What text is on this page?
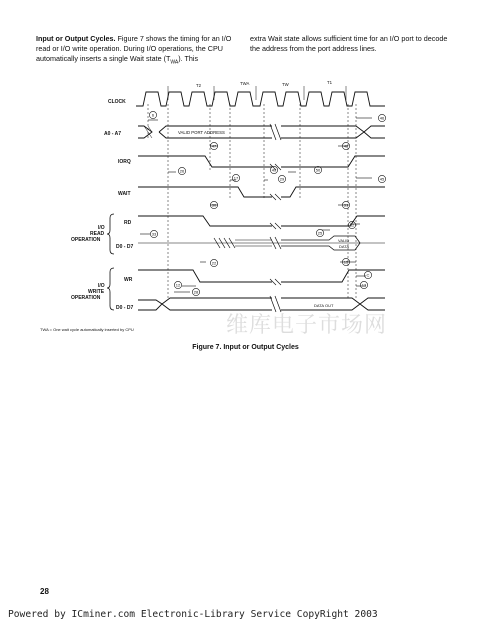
Input or Output Cycles. Figure 7 shows the timing for an I/O read or I/O write operation. During I/O operations, the CPU automatically inserts a single Wait state $(T_{WA})$. This
extra Wait state allows sufficient time for an I/O port to decode the address from the port address lines.
维库电子市场网
T2	TWA	TW	T1
CLOCK
A0 - A7
IORQ
WAIT
RD
D0 - D7
WR
D0 - D7
I/O
READ
OPERATION
I/O
WRITE
OPERATION
VALID PORT ADDRESS
VALID
DATA
DATA OUT
6
46
47	48
26
17
49
29
50
45
30	31
32
25
33
15
22
12
28
13
C
TWA = One wait cycle automatically inserted by CPU
Figure 7. Input or Output Cycles
28
Powered by ICminer.com Electronic-Library Service CopyRight 2003
